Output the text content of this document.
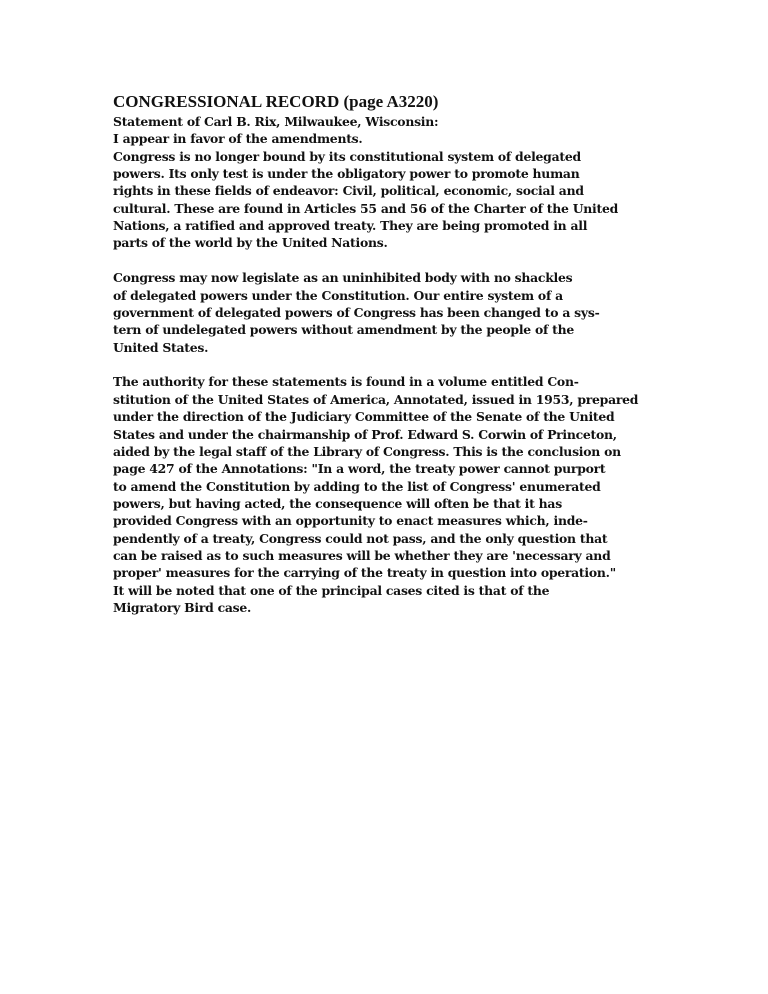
CONGRESSIONAL RECORD (page A3220)
Statement of Carl B. Rix, Milwaukee, Wisconsin:
I appear in favor of the amendments.
Congress is no longer bound by its constitutional system of delegated
powers. Its only test is under the obligatory power to promote human
rights in these fields of endeavor: Civil, political, economic, social and
cultural. These are found in Articles 55 and 56 of the Charter of the United
Nations, a ratified and approved treaty. They are being promoted in all
parts of the world by the United Nations.
Congress may now legislate as an uninhibited body with no shackles
of delegated powers under the Constitution. Our entire system of a
government of delegated powers of Congress has been changed to a sys-
tern of undelegated powers without amendment by the people of the
United States.
The authority for these statements is found in a volume entitled Con-
stitution of the United States of America, Annotated, issued in 1953, prepared
under the direction of the Judiciary Committee of the Senate of the United
States and under the chairmanship of Prof. Edward S. Corwin of Princeton,
aided by the legal staff of the Library of Congress. This is the conclusion on
page 427 of the Annotations: "In a word, the treaty power cannot purport
to amend the Constitution by adding to the list of Congress' enumerated
powers, but having acted, the consequence will often be that it has
provided Congress with an opportunity to enact measures which, inde-
pendently of a treaty, Congress could not pass, and the only question that
can be raised as to such measures will be whether they are 'necessary and
proper' measures for the carrying of the treaty in question into operation."
It will be noted that one of the principal cases cited is that of the
Migratory Bird case.
